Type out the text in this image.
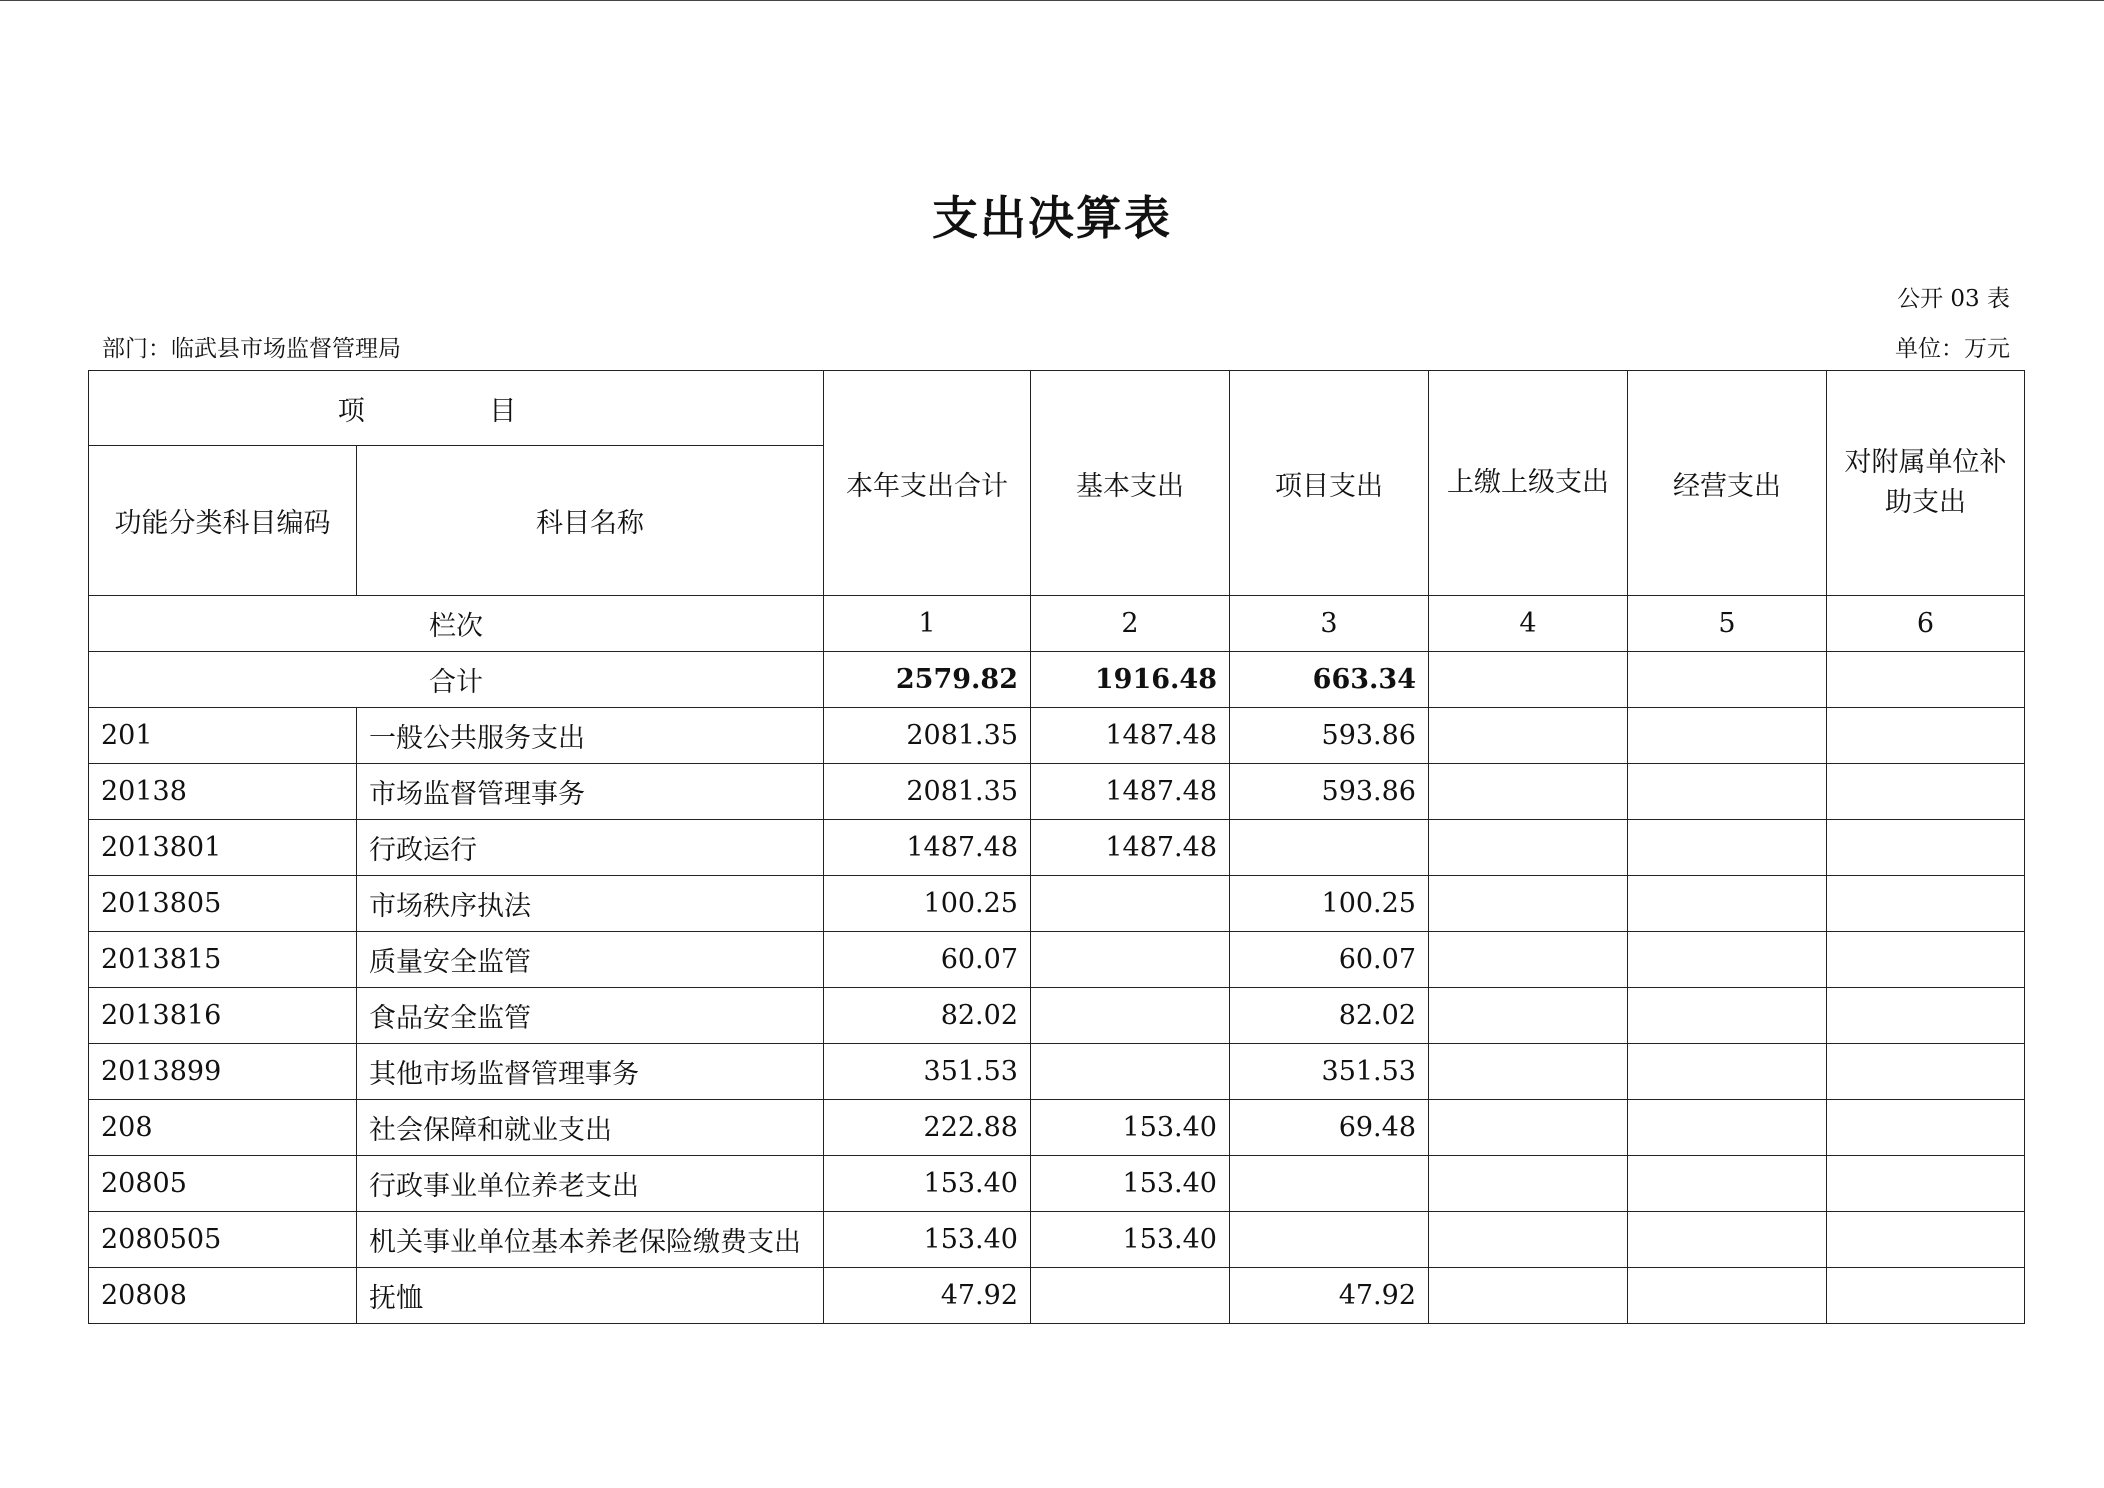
支出决算表
公开 03 表
部门：临武县市场监督管理局	单位：万元
项 目		本年支出合计	基本支出	项目支出	上缴上级支出	经营支出	对附属单位补助支出
功能分类科目编码	科目名称						
栏次		1	2	3	4	5	6
合计		2579.82	1916.48	663.34			
201	一般公共服务支出	2081.35	1487.48	593.86			
20138	市场监督管理事务	2081.35	1487.48	593.86			
2013801	行政运行	1487.48	1487.48				
2013805	市场秩序执法	100.25		100.25			
2013815	质量安全监管	60.07		60.07			
2013816	食品安全监管	82.02		82.02			
2013899	其他市场监督管理事务	351.53		351.53			
208	社会保障和就业支出	222.88	153.40	69.48			
20805	行政事业单位养老支出	153.40	153.40				
2080505	机关事业单位基本养老保险缴费支出	153.40	153.40				
20808	抚恤	47.92		47.92			
